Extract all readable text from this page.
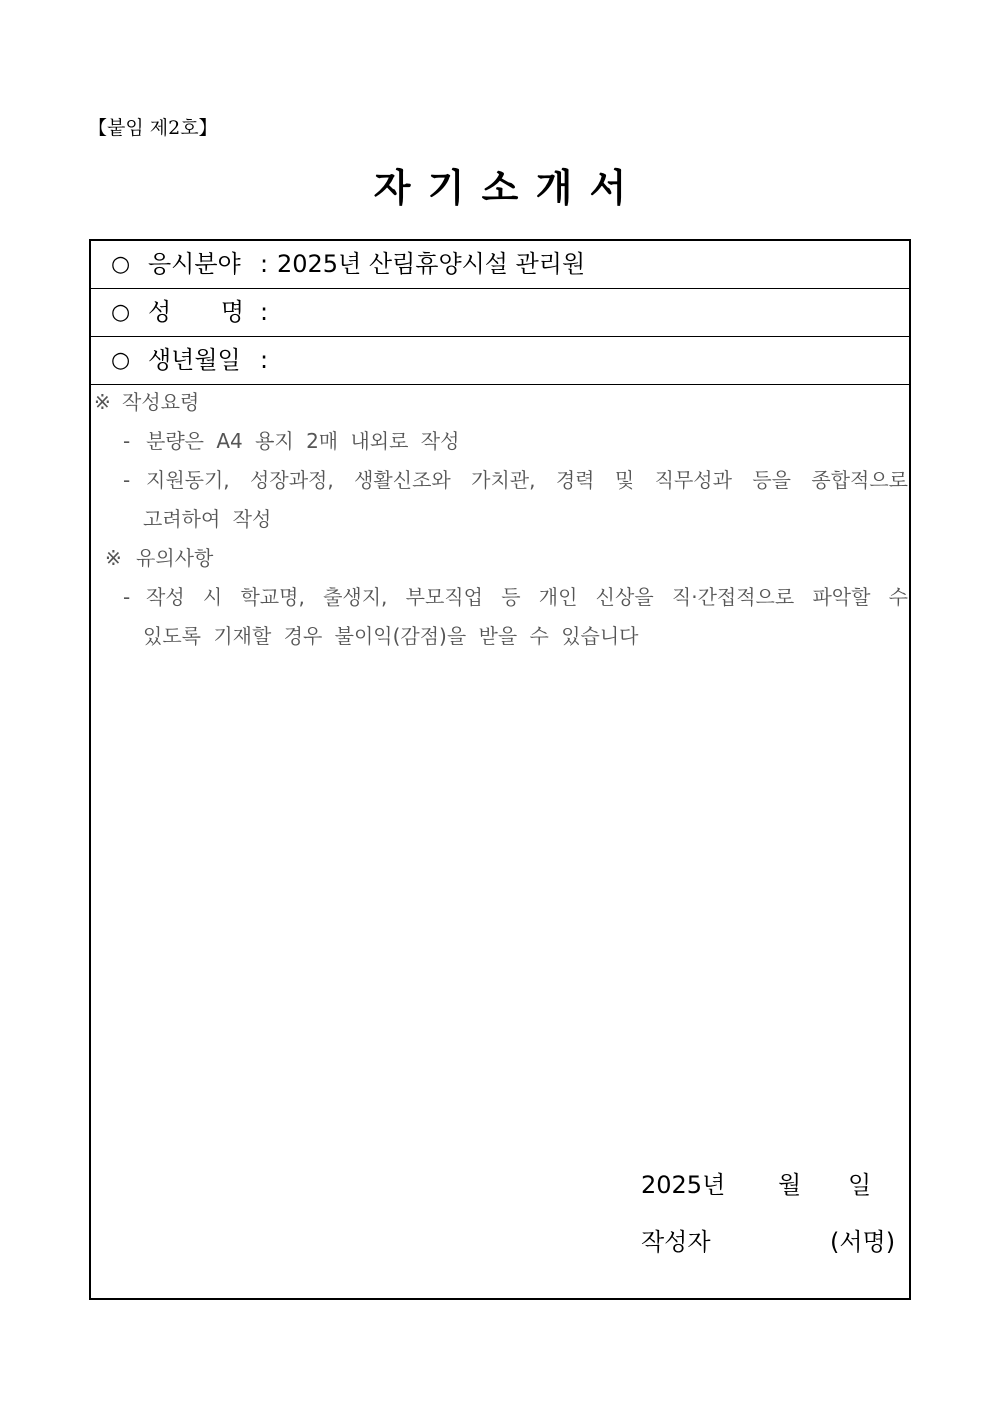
【붙임 제2호】
자 기 소 개 서
○ 응시분야 : 2025년 산림휴양시설 관리원
○ 성 명 :
○ 생년월일 :
※ 작성요령
- 분량은 A4 용지 2매 내외로 작성
- 지원동기, 성장과정, 생활신조와 가치관, 경력 및 직무성과 등을 종합적으로
고려하여 작성
※ 유의사항
- 작성 시 학교명, 출생지, 부모직업 등 개인 신상을 직·간접적으로 파악할 수
있도록 기재할 경우 불이익(감점)을 받을 수 있습니다
2025년 월 일
작성자	(서명)
